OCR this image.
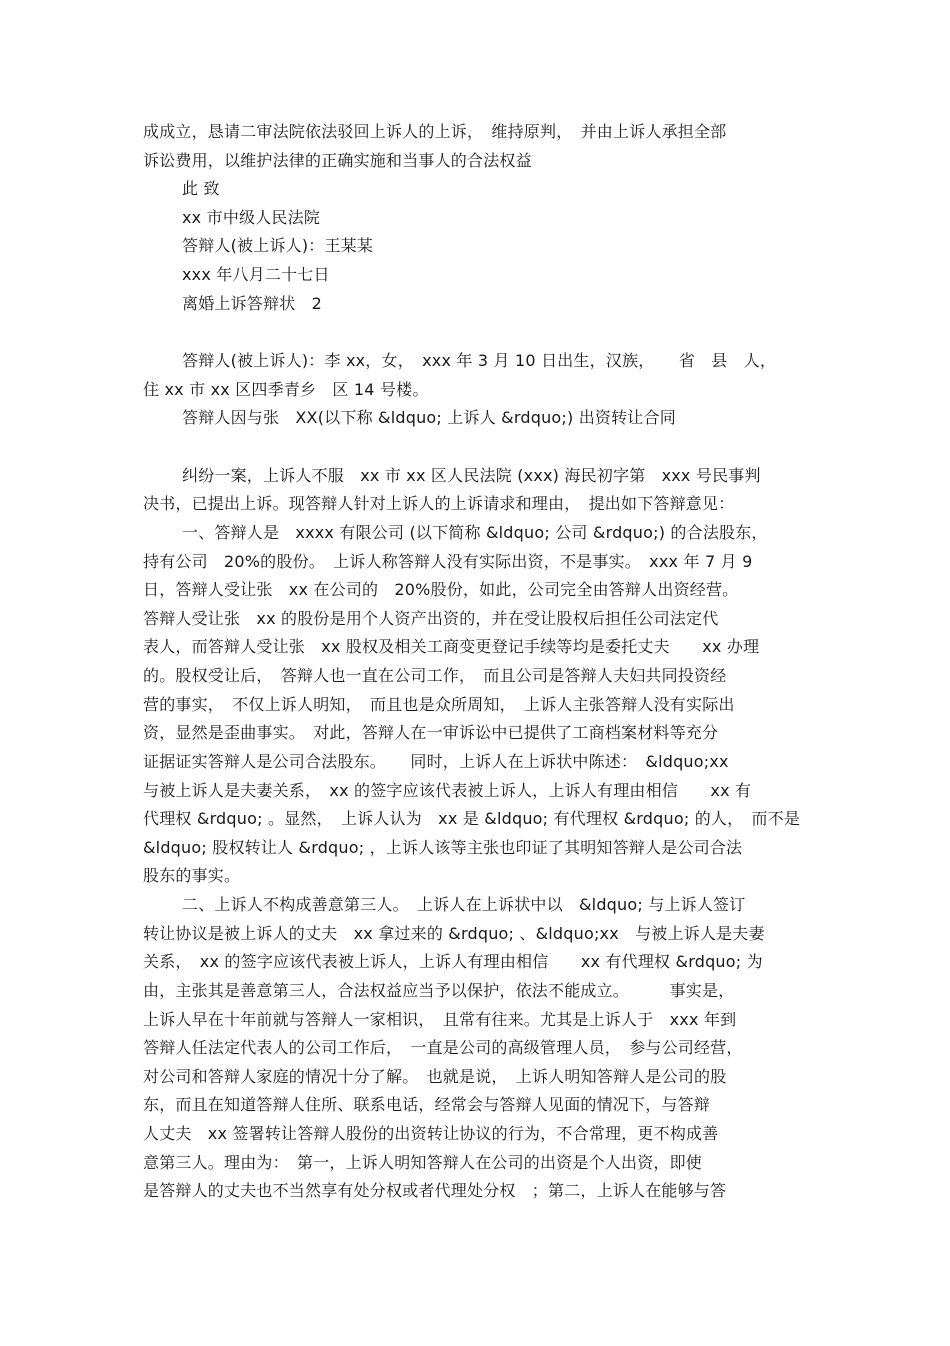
成成立，恳请二审法院依法驳回上诉人的上诉，　维持原判，　并由上诉人承担全部
诉讼费用，以维护法律的正确实施和当事人的合法权益
此 致
xx 市中级人民法院
答辩人(被上诉人)：王某某
xxx 年八月二十七日
离婚上诉答辩状　2
答辩人(被上诉人)：李 xx，女，　xxx 年 3 月 10 日出生，汉族，　　省　县　人，
住 xx 市 xx 区四季青乡　区 14 号楼。
答辩人因与张　XX(以下称 &ldquo; 上诉人 &rdquo;) 出资转让合同
纠纷一案，上诉人不服　xx 市 xx 区人民法院 (xxx) 海民初字第　xxx 号民事判
决书，已提出上诉。现答辩人针对上诉人的上诉请求和理由，　提出如下答辩意见：
一、答辩人是　xxxx 有限公司 (以下简称 &ldquo; 公司 &rdquo;) 的合法股东，
持有公司　20%的股份。　上诉人称答辩人没有实际出资，不是事实。　xxx 年 7 月 9
日，答辩人受让张　xx 在公司的　20%股份，如此，公司完全由答辩人出资经营。
答辩人受让张　xx 的股份是用个人资产出资的，并在受让股权后担任公司法定代
表人，而答辩人受让张　xx 股权及相关工商变更登记手续等均是委托丈夫　　xx 办理
的。股权受让后，　答辩人也一直在公司工作，　而且公司是答辩人夫妇共同投资经
营的事实，　不仅上诉人明知，　而且也是众所周知，　上诉人主张答辩人没有实际出
资，显然是歪曲事实。　对此，答辩人在一审诉讼中已提供了工商档案材料等充分
证据证实答辩人是公司合法股东。　　同时，上诉人在上诉状中陈述：　&ldquo;xx
与被上诉人是夫妻关系，　xx 的签字应该代表被上诉人，上诉人有理由相信　　xx 有
代理权 &rdquo; 。显然，　上诉人认为　xx 是 &ldquo; 有代理权 &rdquo; 的人，　而不是
&ldquo; 股权转让人 &rdquo; ，上诉人该等主张也印证了其明知答辩人是公司合法
股东的事实。
二、上诉人不构成善意第三人。　上诉人在上诉状中以　&ldquo; 与上诉人签订
转让协议是被上诉人的丈夫　xx 拿过来的 &rdquo; 、&ldquo;xx　与被上诉人是夫妻
关系，　xx 的签字应该代表被上诉人，上诉人有理由相信　　xx 有代理权 &rdquo; 为
由，主张其是善意第三人，合法权益应当予以保护，依法不能成立。　　　事实是，
上诉人早在十年前就与答辩人一家相识，　且常有往来。尤其是上诉人于　xxx 年到
答辩人任法定代表人的公司工作后，　一直是公司的高级管理人员，　参与公司经营，
对公司和答辩人家庭的情况十分了解。　也就是说，　上诉人明知答辩人是公司的股
东，而且在知道答辩人住所、联系电话，经常会与答辩人见面的情况下，与答辩
人丈夫　xx 签署转让答辩人股份的出资转让协议的行为，不合常理，更不构成善
意第三人。理由为：　第一，上诉人明知答辩人在公司的出资是个人出资，即使
是答辩人的丈夫也不当然享有处分权或者代理处分权　；第二，上诉人在能够与答
